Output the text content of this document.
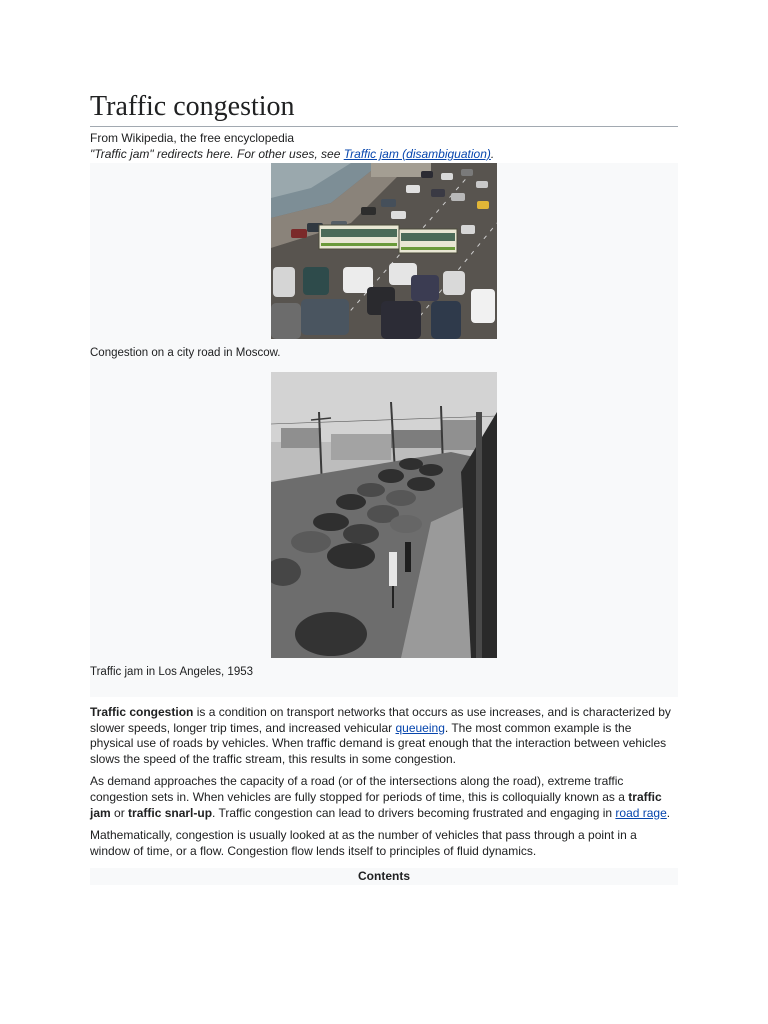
Traffic congestion
From Wikipedia, the free encyclopedia
"Traffic jam" redirects here. For other uses, see Traffic jam (disambiguation).
Congestion on a city road in Moscow.
Traffic jam in Los Angeles, 1953

Traffic congestion is a condition on transport networks that occurs as use increases, and is characterized by slower speeds, longer trip times, and increased vehicular queueing. The most common example is the physical use of roads by vehicles. When traffic demand is great enough that the interaction between vehicles slows the speed of the traffic stream, this results in some congestion.

As demand approaches the capacity of a road (or of the intersections along the road), extreme traffic congestion sets in. When vehicles are fully stopped for periods of time, this is colloquially known as a traffic jam or traffic snarl-up. Traffic congestion can lead to drivers becoming frustrated and engaging in road rage.

Mathematically, congestion is usually looked at as the number of vehicles that pass through a point in a window of time, or a flow. Congestion flow lends itself to principles of fluid dynamics.

Contents
